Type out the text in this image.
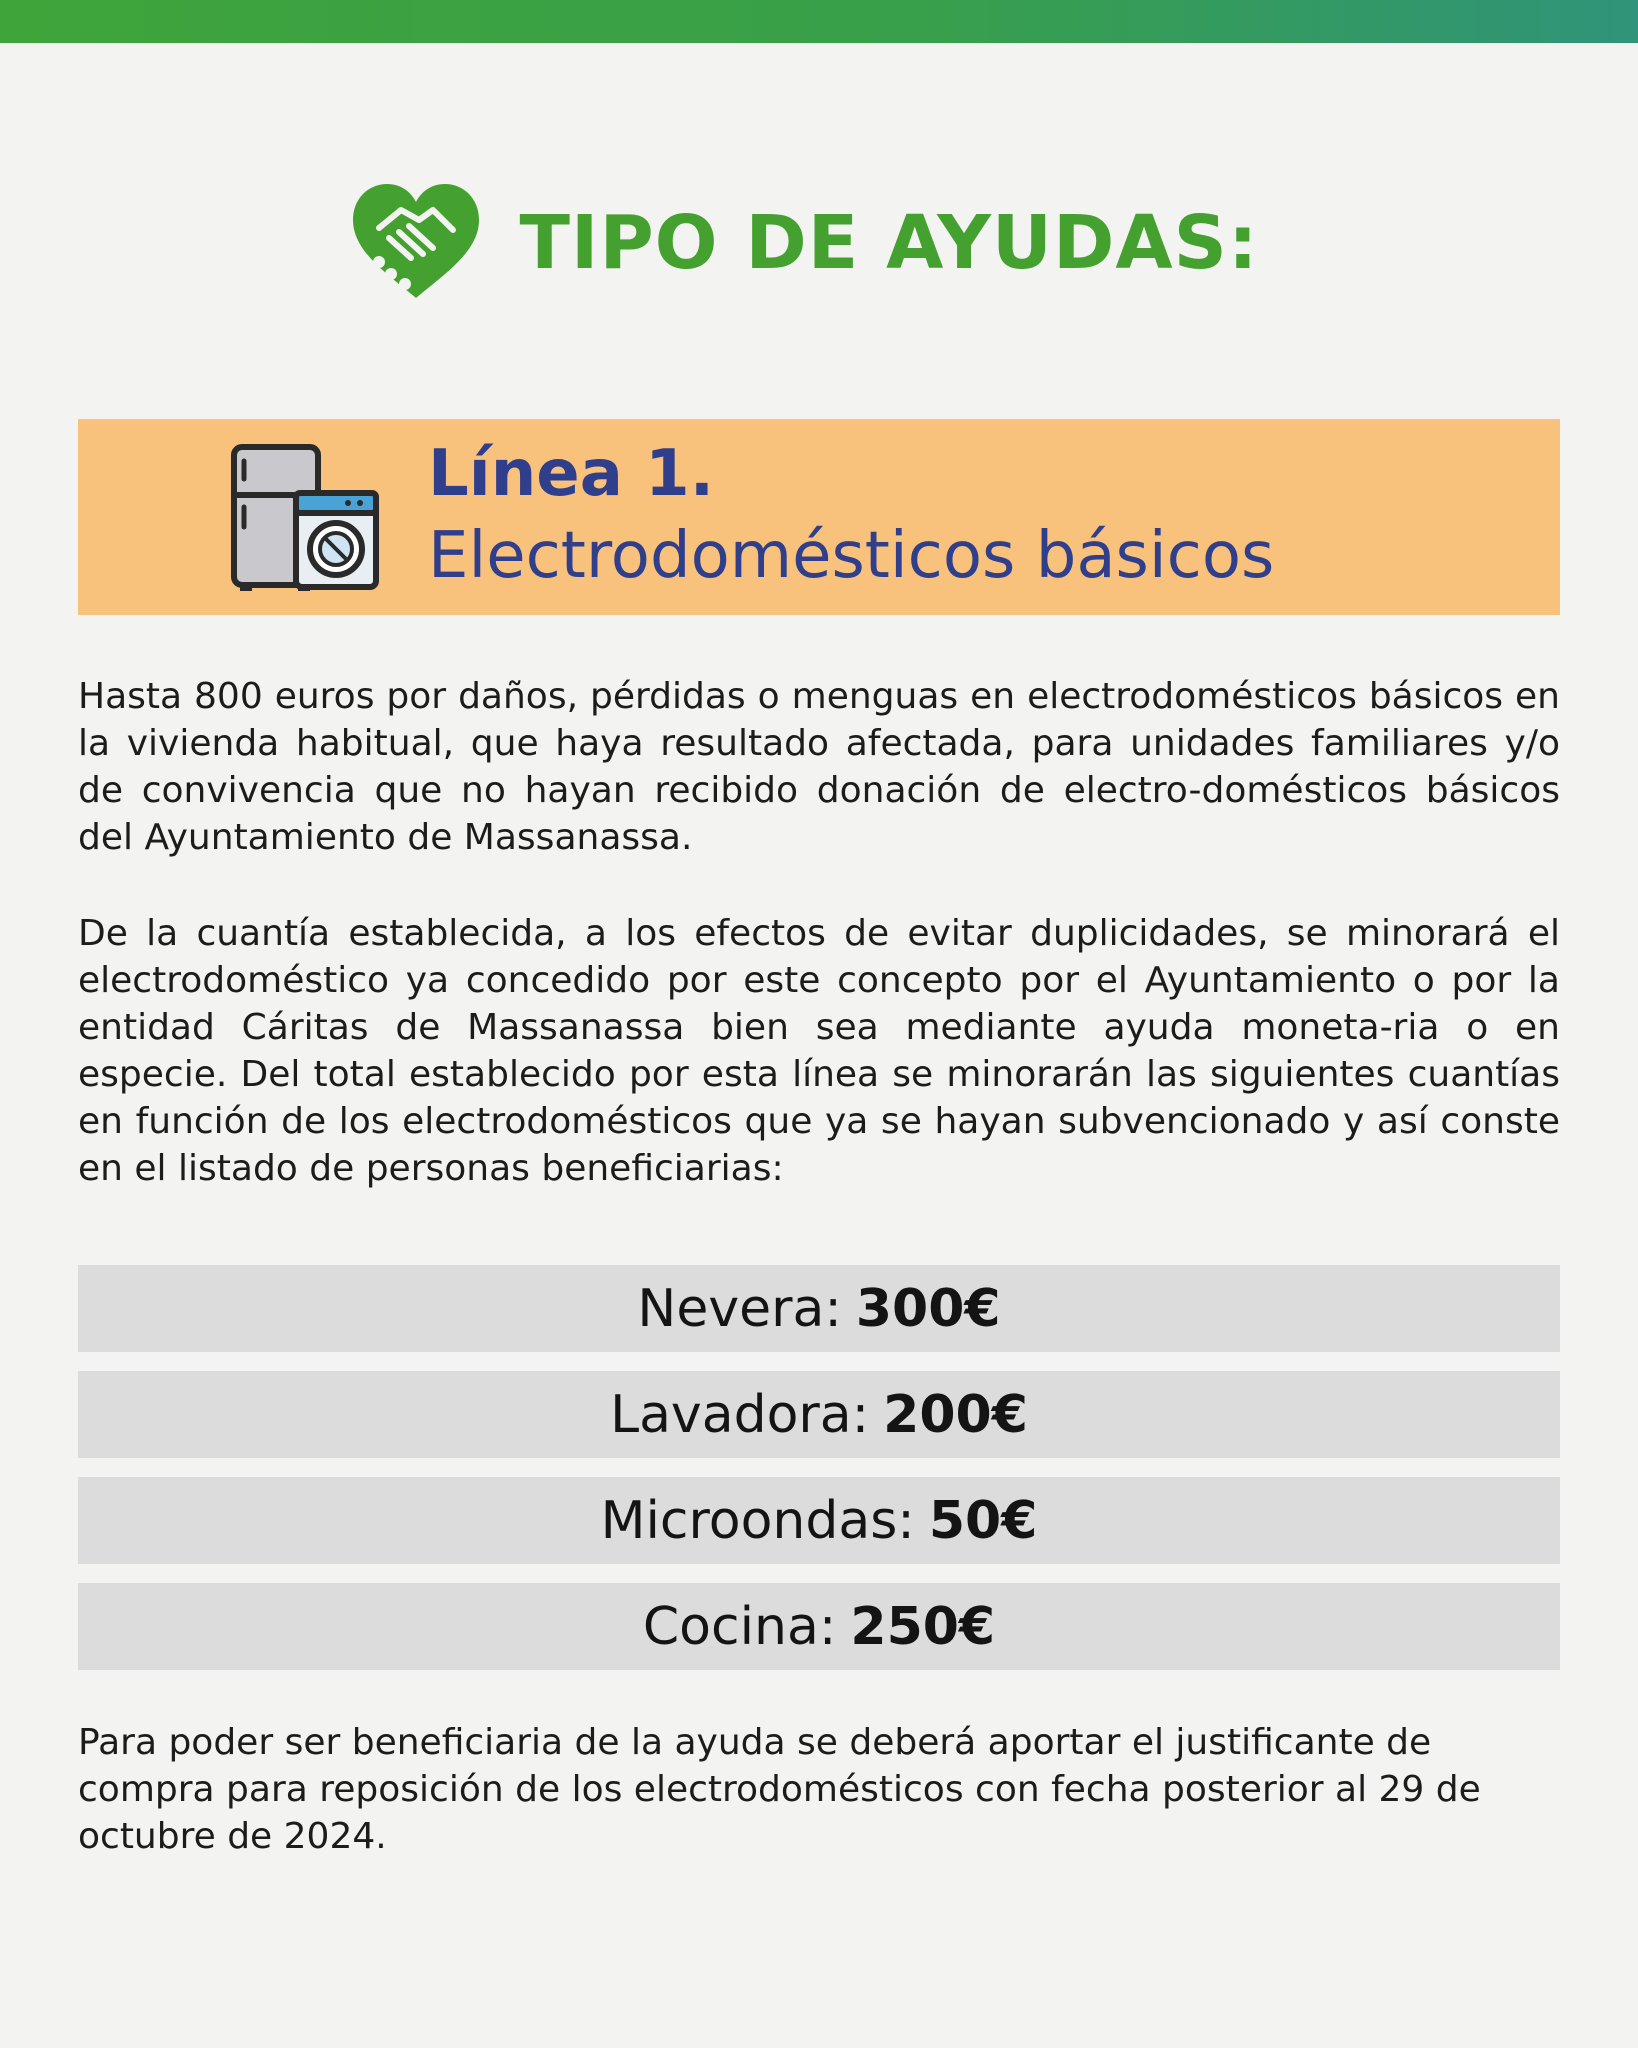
TIPO DE AYUDAS:
Línea 1.
Electrodomésticos básicos

Hasta 800 euros por daños, pérdidas o menguas en electrodomésticos básicos en la vivienda habitual, que haya resultado afectada, para unidades familiares y/o de convivencia que no hayan recibido donación de electro-domésticos básicos del Ayuntamiento de Massanassa.

De la cuantía establecida, a los efectos de evitar duplicidades, se minorará el electrodoméstico ya concedido por este concepto por el Ayuntamiento o por la entidad Cáritas de Massanassa bien sea mediante ayuda moneta-ria o en especie. Del total establecido por esta línea se minorarán las siguientes cuantías en función de los electrodomésticos que ya se hayan subvencionado y así conste en el listado de personas beneficiarias:

Nevera: 300€
Lavadora: 200€
Microondas: 50€
Cocina: 250€

Para poder ser beneficiaria de la ayuda se deberá aportar el justificante de compra para reposición de los electrodomésticos con fecha posterior al 29 de octubre de 2024.
